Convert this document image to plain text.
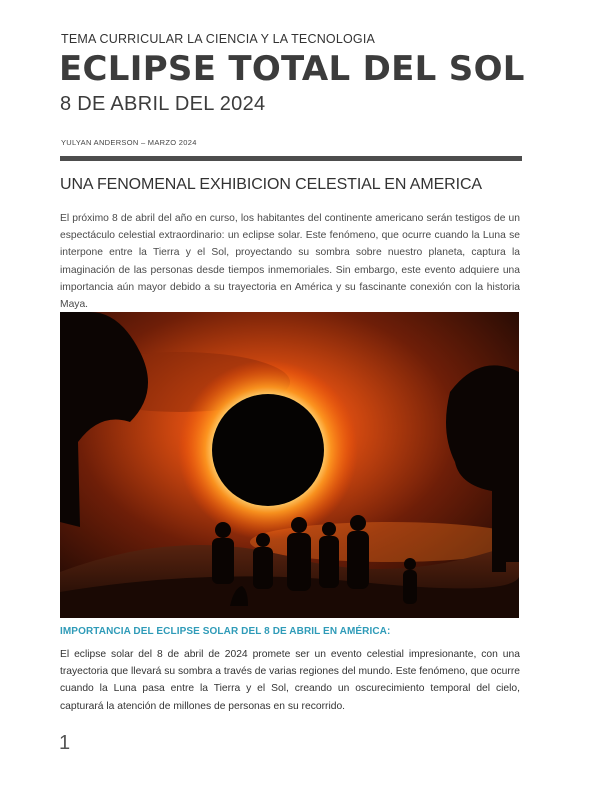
TEMA CURRICULAR LA CIENCIA Y LA TECNOLOGIA
ECLIPSE TOTAL DEL SOL
8 DE ABRIL DEL 2024
YULYAN ANDERSON – MARZO 2024
UNA FENOMENAL EXHIBICION CELESTIAL EN AMERICA

El próximo 8 de abril del año en curso, los habitantes del continente americano serán testigos de un espectáculo celestial extraordinario: un eclipse solar. Este fenómeno, que ocurre cuando la Luna se interpone entre la Tierra y el Sol, proyectando su sombra sobre nuestro planeta, captura la imaginación de las personas desde tiempos inmemoriales. Sin embargo, este evento adquiere una importancia aún mayor debido a su trayectoria en América y su fascinante conexión con la historia Maya.

IMPORTANCIA DEL ECLIPSE SOLAR DEL 8 DE ABRIL EN AMÉRICA:

El eclipse solar del 8 de abril de 2024 promete ser un evento celestial impresionante, con una trayectoria que llevará su sombra a través de varias regiones del mundo. Este fenómeno, que ocurre cuando la Luna pasa entre la Tierra y el Sol, creando un oscurecimiento temporal del cielo, capturará la atención de millones de personas en su recorrido.

1
